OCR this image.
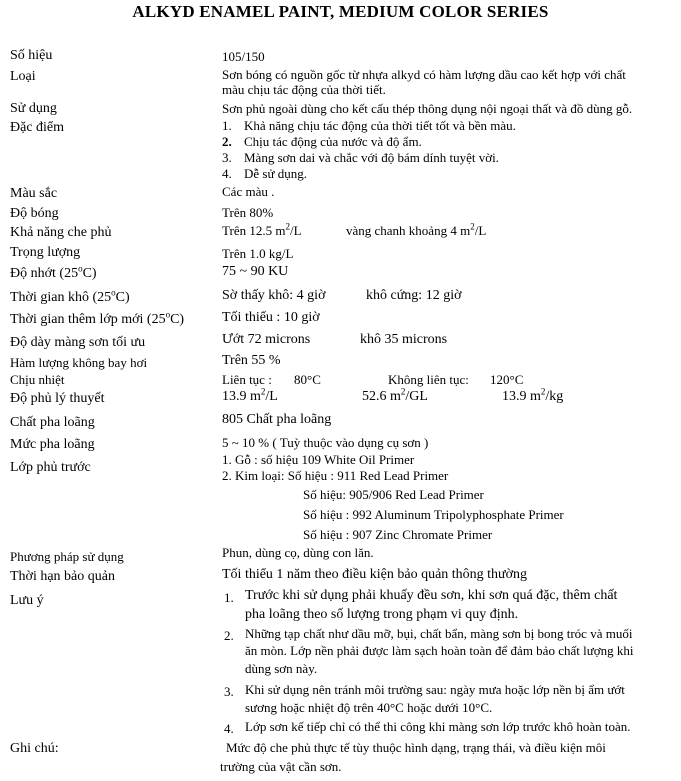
ALKYD ENAMEL PAINT, MEDIUM COLOR SERIES
Số hiệu	105/150
Loại	Sơn bóng có nguồn gốc từ nhựa alkyd có hàm lượng dầu cao kết hợp với chất
màu chịu tác động của thời tiết.
Sử dụng	Sơn phủ ngoài dùng cho kết cấu thép thông dụng nội ngoại thất và đồ dùng gỗ.
Đặc điểm	1. Khả năng chịu tác động của thời tiết tốt và bền màu.
2. Chịu tác động của nước và độ ẩm.
3. Màng sơn dai và chắc với độ bám dính tuyệt vời.
4. Dễ sử dụng.
Màu sắc	Các màu .
Độ bóng	Trên 80%
Khả năng che phủ	Trên 12.5 $m^2/L$	vàng chanh khoảng 4 $m^2/L$
Trọng lượng	Trên 1.0 kg/L
Độ nhớt (25$^o$C)	75 ~ 90 KU
Thời gian khô (25$^o$C)	Sờ thấy khô: 4 giờ	khô cứng: 12 giờ
Thời gian thêm lớp mới (25$^o$C)	Tối thiểu : 10 giờ
Độ dày màng sơn tối ưu	Ướt 72 microns	khô 35 microns
Hàm lượng không bay hơi	Trên 55 %
Chịu nhiệt	Liên tục : 80°C	Không liên tục: 120°C
Độ phủ lý thuyết	13.9 $m^2/L$	52.6 $m^2/GL$	13.9 $m^2/kg$
Chất pha loãng	805 Chất pha loãng
Mức pha loãng	5 ~ 10 % ( Tuỳ thuộc vào dụng cụ sơn )
Lớp phủ trước
1. Gỗ : số hiệu 109 White Oil Primer
2. Kim loại: Số hiệu : 911 Red Lead Primer
Số hiệu: 905/906 Red Lead Primer
Số hiệu : 992 Aluminum Tripolyphosphate Primer
Số hiệu : 907 Zinc Chromate Primer
Phương pháp sử dụng	Phun, dùng cọ, dùng con lăn.
Thời hạn bảo quản	Tối thiểu 1 năm theo điều kiện bảo quản thông thường
Lưu ý	1. Trước khi sử dụng phải khuấy đều sơn, khi sơn quá đặc, thêm chất
pha loãng theo số lượng trong phạm vi quy định.
2. Những tạp chất như dầu mỡ, bụi, chất bẩn, màng sơn bị bong tróc và muối
ăn mòn. Lớp nền phải được làm sạch hoàn toàn để đảm bảo chất lượng khi
dùng sơn này.
3. Khi sử dụng nên tránh môi trường sau: ngày mưa hoặc lớp nền bị ẩm ướt
sương hoặc nhiệt độ trên 40°C hoặc dưới 10°C.
4. Lớp sơn kế tiếp chỉ có thể thi công khi màng sơn lớp trước khô hoàn toàn.
Ghi chú:	Mức độ che phủ thực tế tùy thuộc hình dạng, trạng thái, và điều kiện môi
trường của vật cần sơn.
